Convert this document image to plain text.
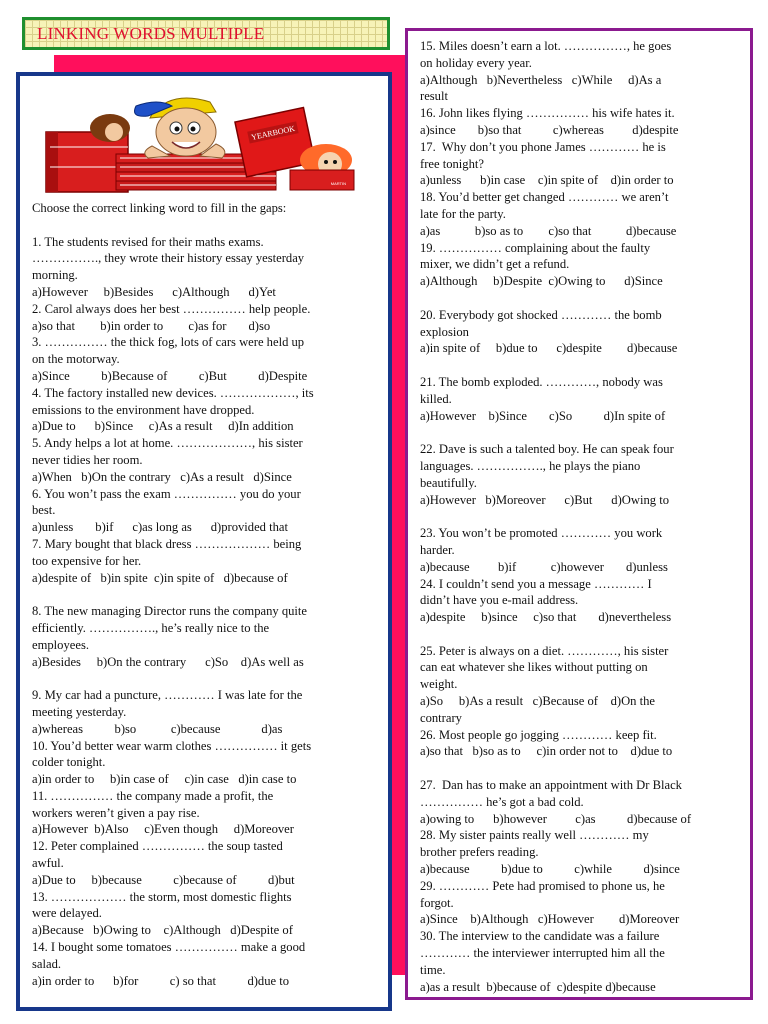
LINKING WORDS MULTIPLE
YEARBOOK
MARTIN

Choose the correct linking word to fill in the gaps:

1. The students revised for their maths exams.

……………., they wrote their history essay yesterday

morning.

a)However     b)Besides      c)Although      d)Yet

2. Carol always does her best …………… help people.

a)so that        b)in order to        c)as for       d)so

3. …………… the thick fog, lots of cars were held up

on the motorway.

a)Since          b)Because of          c)But          d)Despite

4. The factory installed new devices. ………………, its

emissions to the environment have dropped.

a)Due to      b)Since     c)As a result     d)In addition

5. Andy helps a lot at home. ………………, his sister

never tidies her room.

a)When   b)On the contrary   c)As a result   d)Since

6. You won’t pass the exam …………… you do your

best.

a)unless       b)if      c)as long as      d)provided that

7. Mary bought that black dress ……………… being

too expensive for her.

a)despite of   b)in spite  c)in spite of   d)because of

8. The new managing Director runs the company quite

efficiently. ……………., he’s really nice to the

employees.

a)Besides     b)On the contrary      c)So    d)As well as

9. My car had a puncture, ………… I was late for the

meeting yesterday.

a)whereas          b)so           c)because             d)as

10. You’d better wear warm clothes …………… it gets

colder tonight.

a)in order to     b)in case of     c)in case   d)in case to

11. …………… the company made a profit, the

workers weren’t given a pay rise.

a)However  b)Also     c)Even though     d)Moreover

12. Peter complained …………… the soup tasted

awful.

a)Due to     b)because          c)because of          d)but

13. ……………… the storm, most domestic flights

were delayed.

a)Because   b)Owing to    c)Although   d)Despite of

14. I bought some tomatoes …………… make a good

salad.

a)in order to      b)for          c) so that          d)due to

15. Miles doesn’t earn a lot. ……………, he goes

on holiday every year.

a)Although   b)Nevertheless   c)While     d)As a

result

16. John likes flying …………… his wife hates it.

a)since       b)so that          c)whereas         d)despite

17.  Why don’t you phone James ………… he is

free tonight?

a)unless      b)in case    c)in spite of    d)in order to

18. You’d better get changed ………… we aren’t

late for the party.

a)as           b)so as to        c)so that           d)because

19. …………… complaining about the faulty

mixer, we didn’t get a refund.

a)Although     b)Despite  c)Owing to      d)Since

20. Everybody got shocked ………… the bomb

explosion

a)in spite of     b)due to      c)despite        d)because

21. The bomb exploded. …………, nobody was

killed.

a)However    b)Since       c)So          d)In spite of

22. Dave is such a talented boy. He can speak four

languages. ……………., he plays the piano

beautifully.

a)However   b)Moreover      c)But      d)Owing to

23. You won’t be promoted ………… you work

harder.

a)because         b)if           c)however       d)unless

24. I couldn’t send you a message ………… I

didn’t have you e-mail address.

a)despite     b)since     c)so that       d)nevertheless

25. Peter is always on a diet. …………, his sister

can eat whatever she likes without putting on

weight.

a)So     b)As a result   c)Because of    d)On the

contrary

26. Most people go jogging ………… keep fit.

a)so that   b)so as to     c)in order not to    d)due to

27.  Dan has to make an appointment with Dr Black

…………… he’s got a bad cold.

a)owing to      b)however         c)as          d)because of

28. My sister paints really well ………… my

brother prefers reading.

a)because          b)due to          c)while          d)since

29. ………… Pete had promised to phone us, he

forgot.

a)Since    b)Although   c)However        d)Moreover

30. The interview to the candidate was a failure

………… the interviewer interrupted him all the

time.

a)as a result  b)because of  c)despite d)because
